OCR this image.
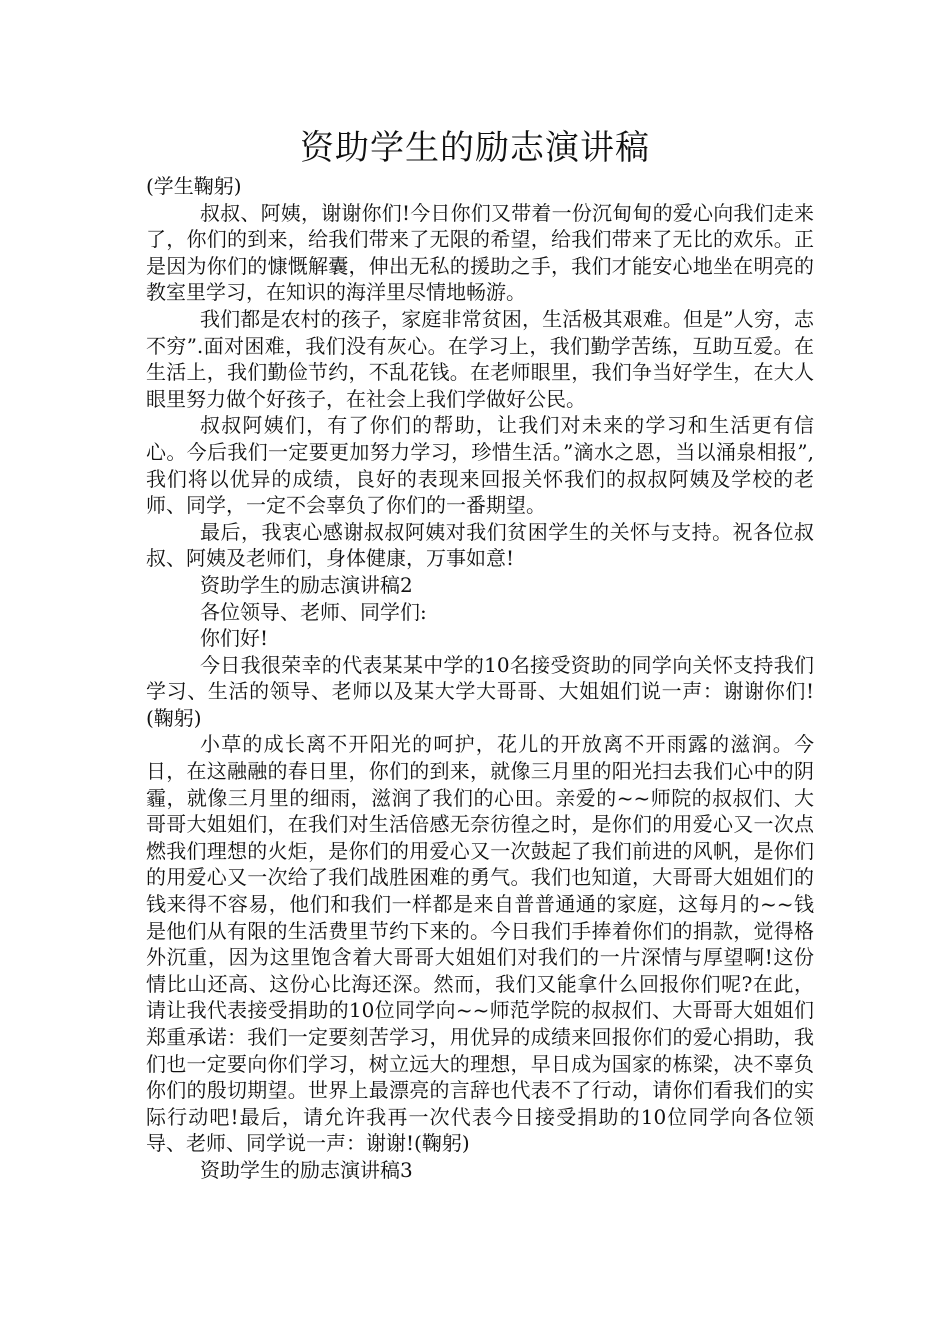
资助学生的励志演讲稿

(学生鞠躬)

叔叔、阿姨，谢谢你们!今日你们又带着一份沉甸甸的爱心向我们走来了，你们的到来，给我们带来了无限的希望，给我们带来了无比的欢乐。正是因为你们的慷慨解囊，伸出无私的援助之手，我们才能安心地坐在明亮的教室里学习，在知识的海洋里尽情地畅游。

我们都是农村的孩子，家庭非常贫困，生活极其艰难。但是”人穷，志不穷”.面对困难，我们没有灰心。在学习上，我们勤学苦练，互助互爱。在生活上，我们勤俭节约，不乱花钱。在老师眼里，我们争当好学生，在大人眼里努力做个好孩子，在社会上我们学做好公民。

叔叔阿姨们，有了你们的帮助，让我们对未来的学习和生活更有信心。今后我们一定要更加努力学习，珍惜生活。”滴水之恩，当以涌泉相报”,我们将以优异的成绩，良好的表现来回报关怀我们的叔叔阿姨及学校的老师、同学，一定不会辜负了你们的一番期望。

最后，我衷心感谢叔叔阿姨对我们贫困学生的关怀与支持。祝各位叔叔、阿姨及老师们，身体健康，万事如意!

资助学生的励志演讲稿2

各位领导、老师、同学们:

你们好!

今日我很荣幸的代表某某中学的10名接受资助的同学向关怀支持我们学习、生活的领导、老师以及某大学大哥哥、大姐姐们说一声：谢谢你们!(鞠躬)

小草的成长离不开阳光的呵护，花儿的开放离不开雨露的滋润。今日，在这融融的春日里，你们的到来，就像三月里的阳光扫去我们心中的阴霾，就像三月里的细雨，滋润了我们的心田。亲爱的~~师院的叔叔们、大哥哥大姐姐们，在我们对生活倍感无奈彷徨之时，是你们的用爱心又一次点燃我们理想的火炬，是你们的用爱心又一次鼓起了我们前进的风帆，是你们的用爱心又一次给了我们战胜困难的勇气。我们也知道，大哥哥大姐姐们的钱来得不容易，他们和我们一样都是来自普普通通的家庭，这每月的~~钱是他们从有限的生活费里节约下来的。今日我们手捧着你们的捐款，觉得格外沉重，因为这里饱含着大哥哥大姐姐们对我们的一片深情与厚望啊!这份情比山还高、这份心比海还深。然而，我们又能拿什么回报你们呢?在此，请让我代表接受捐助的10位同学向~~师范学院的叔叔们、大哥哥大姐姐们郑重承诺：我们一定要刻苦学习，用优异的成绩来回报你们的爱心捐助，我们也一定要向你们学习，树立远大的理想，早日成为国家的栋梁，决不辜负你们的殷切期望。世界上最漂亮的言辞也代表不了行动，请你们看我们的实际行动吧!最后，请允许我再一次代表今日接受捐助的10位同学向各位领导、老师、同学说一声：谢谢!(鞠躬)

资助学生的励志演讲稿3
